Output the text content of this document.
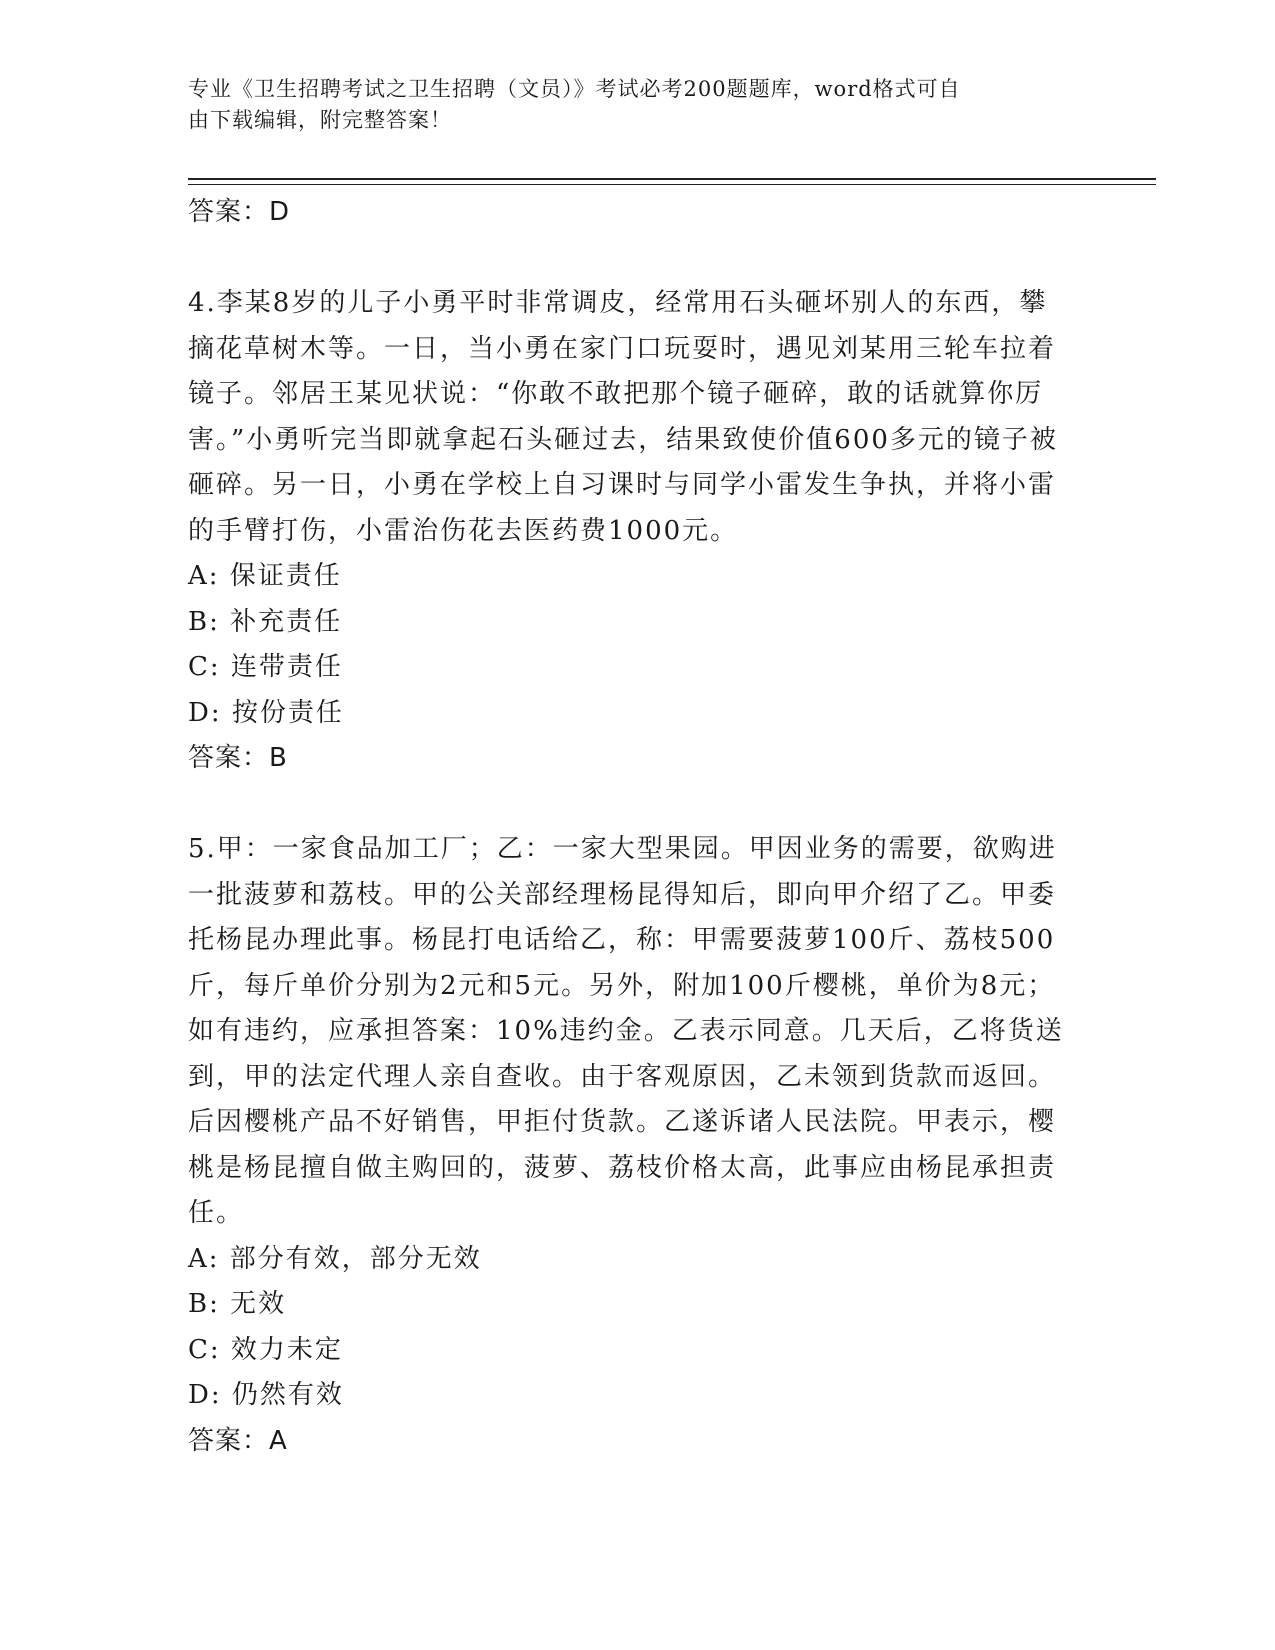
专业《卫生招聘考试之卫生招聘（文员）》考试必考200题题库，word格式可自
由下载编辑，附完整答案！
答案：D

4.李某8岁的儿子小勇平时非常调皮，经常用石头砸坏别人的东西，攀摘花草树木等。一日，当小勇在家门口玩耍时，遇见刘某用三轮车拉着镜子。邻居王某见状说：“你敢不敢把那个镜子砸碎，敢的话就算你厉害。”小勇听完当即就拿起石头砸过去，结果致使价值600多元的镜子被砸碎。另一日，小勇在学校上自习课时与同学小雷发生争执，并将小雷的手臂打伤，小雷治伤花去医药费1000元。

A: 保证责任
B: 补充责任
C: 连带责任
D: 按份责任
答案：B

5.甲：一家食品加工厂；乙：一家大型果园。甲因业务的需要，欲购进一批菠萝和荔枝。甲的公关部经理杨昆得知后，即向甲介绍了乙。甲委托杨昆办理此事。杨昆打电话给乙，称：甲需要菠萝100斤、荔枝500斤，每斤单价分别为2元和5元。另外，附加100斤樱桃，单价为8元；如有违约，应承担答案：10%违约金。乙表示同意。几天后，乙将货送到，甲的法定代理人亲自查收。由于客观原因，乙未领到货款而返回。后因樱桃产品不好销售，甲拒付货款。乙遂诉诸人民法院。甲表示，樱桃是杨昆擅自做主购回的，菠萝、荔枝价格太高，此事应由杨昆承担责任。

A: 部分有效，部分无效
B: 无效
C: 效力未定
D: 仍然有效
答案：A
